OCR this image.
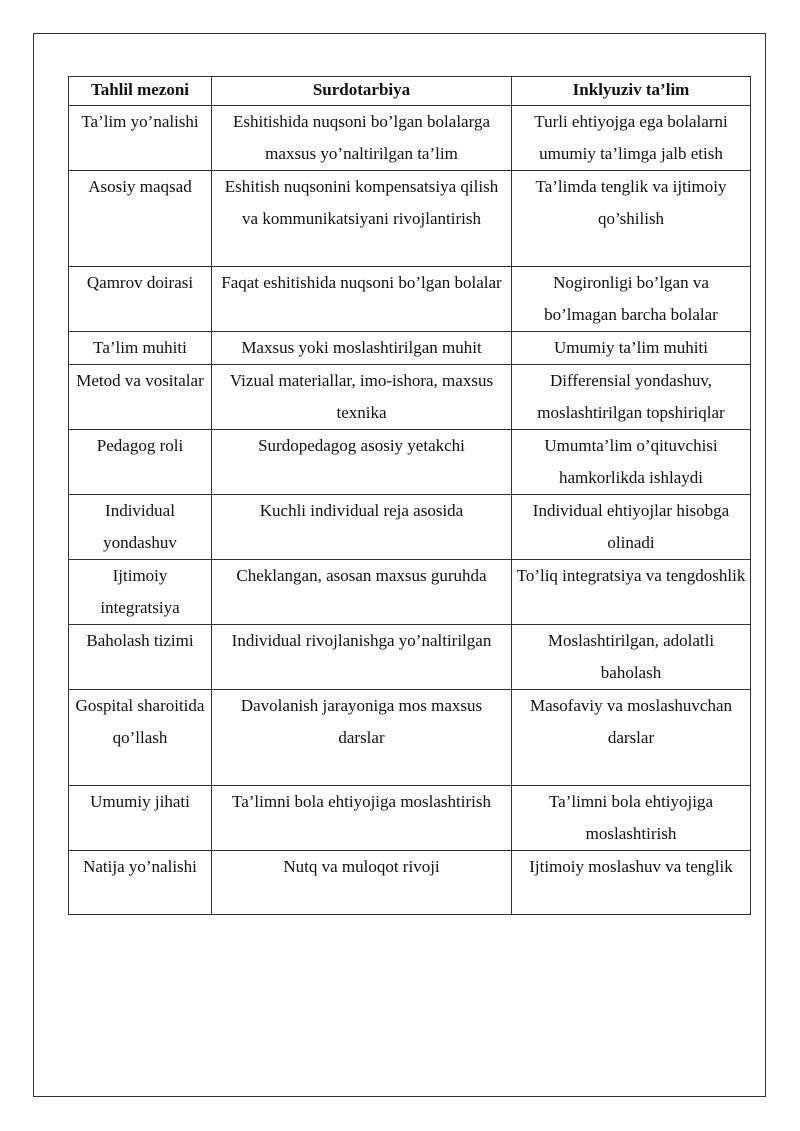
Tahlil mezoni	Surdotarbiya	Inklyuziv ta’lim
Ta’lim yo’nalishi	Eshitishida nuqsoni bo’lgan bolalarga maxsus yo’naltirilgan ta’lim	Turli ehtiyojga ega bolalarni umumiy ta’limga jalb etish
Asosiy maqsad	Eshitish nuqsonini kompensatsiya qilish va kommunikatsiyani rivojlantirish	Ta’limda tenglik va ijtimoiy qo’shilish
Qamrov doirasi	Faqat eshitishida nuqsoni bo’lgan bolalar	Nogironligi bo’lgan va bo’lmagan barcha bolalar
Ta’lim muhiti	Maxsus yoki moslashtirilgan muhit	Umumiy ta’lim muhiti
Metod va vositalar	Vizual materiallar, imo-ishora, maxsus texnika	Differensial yondashuv, moslashtirilgan topshiriqlar
Pedagog roli	Surdopedagog asosiy yetakchi	Umumta’lim o’qituvchisi hamkorlikda ishlaydi
Individual yondashuv	Kuchli individual reja asosida	Individual ehtiyojlar hisobga olinadi
Ijtimoiy integratsiya	Cheklangan, asosan maxsus guruhda	To’liq integratsiya va tengdoshlik
Baholash tizimi	Individual rivojlanishga yo’naltirilgan	Moslashtirilgan, adolatli baholash
Gospital sharoitida qo’llash	Davolanish jarayoniga mos maxsus darslar	Masofaviy va moslashuvchan darslar
Umumiy jihati	Ta’limni bola ehtiyojiga moslashtirish	Ta’limni bola ehtiyojiga moslashtirish
Natija yo’nalishi	Nutq va muloqot rivoji	Ijtimoiy moslashuv va tenglik
